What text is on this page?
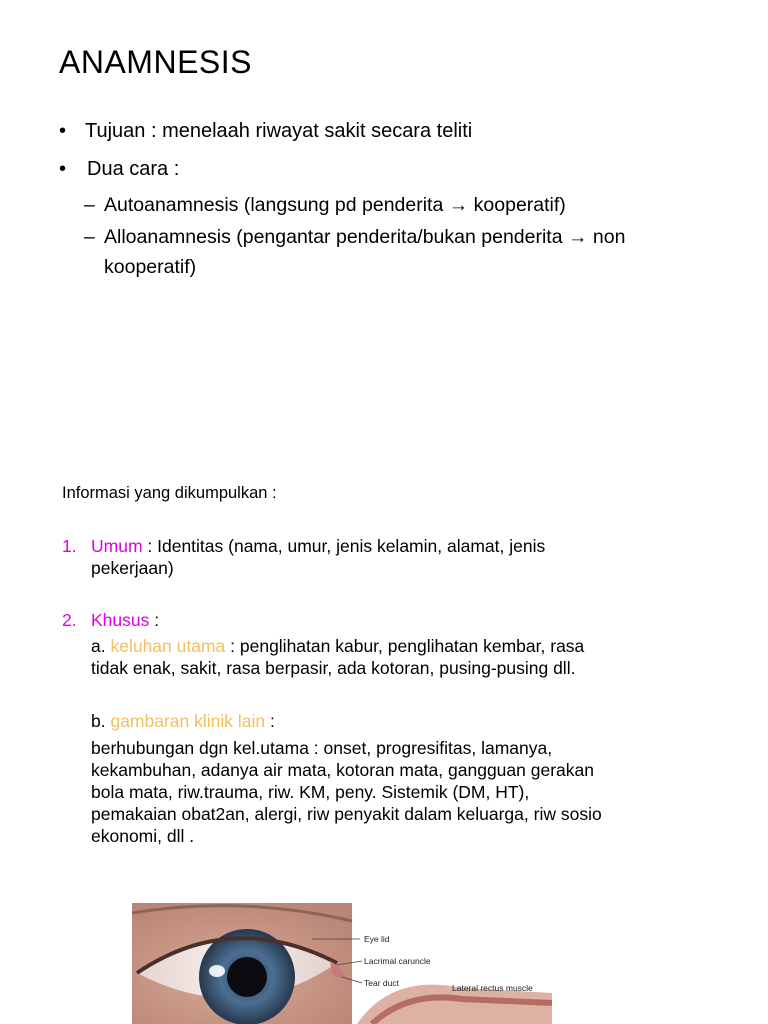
ANAMNESIS
• Tujuan : menelaah riwayat sakit secara teliti
• Dua cara :
– Autoanamnesis (langsung pd penderita → kooperatif)
– Alloanamnesis (pengantar penderita/bukan penderita → non
kooperatif)
Informasi yang dikumpulkan :
1. Umum : Identitas (nama, umur, jenis kelamin, alamat, jenis
pekerjaan)
2. Khusus :
a. keluhan utama : penglihatan kabur, penglihatan kembar, rasa
tidak enak, sakit, rasa berpasir, ada kotoran, pusing-pusing dll.
b. gambaran klinik lain :
berhubungan dgn kel.utama : onset, progresifitas, lamanya,
kekambuhan, adanya air mata, kotoran mata, gangguan gerakan
bola mata, riw.trauma, riw. KM, peny. Sistemik (DM, HT),
pemakaian obat2an, alergi, riw penyakit dalam keluarga, riw sosio
ekonomi, dll .
Eye lid
Lacrimal caruncle
Tear duct	Lateral rectus muscle
